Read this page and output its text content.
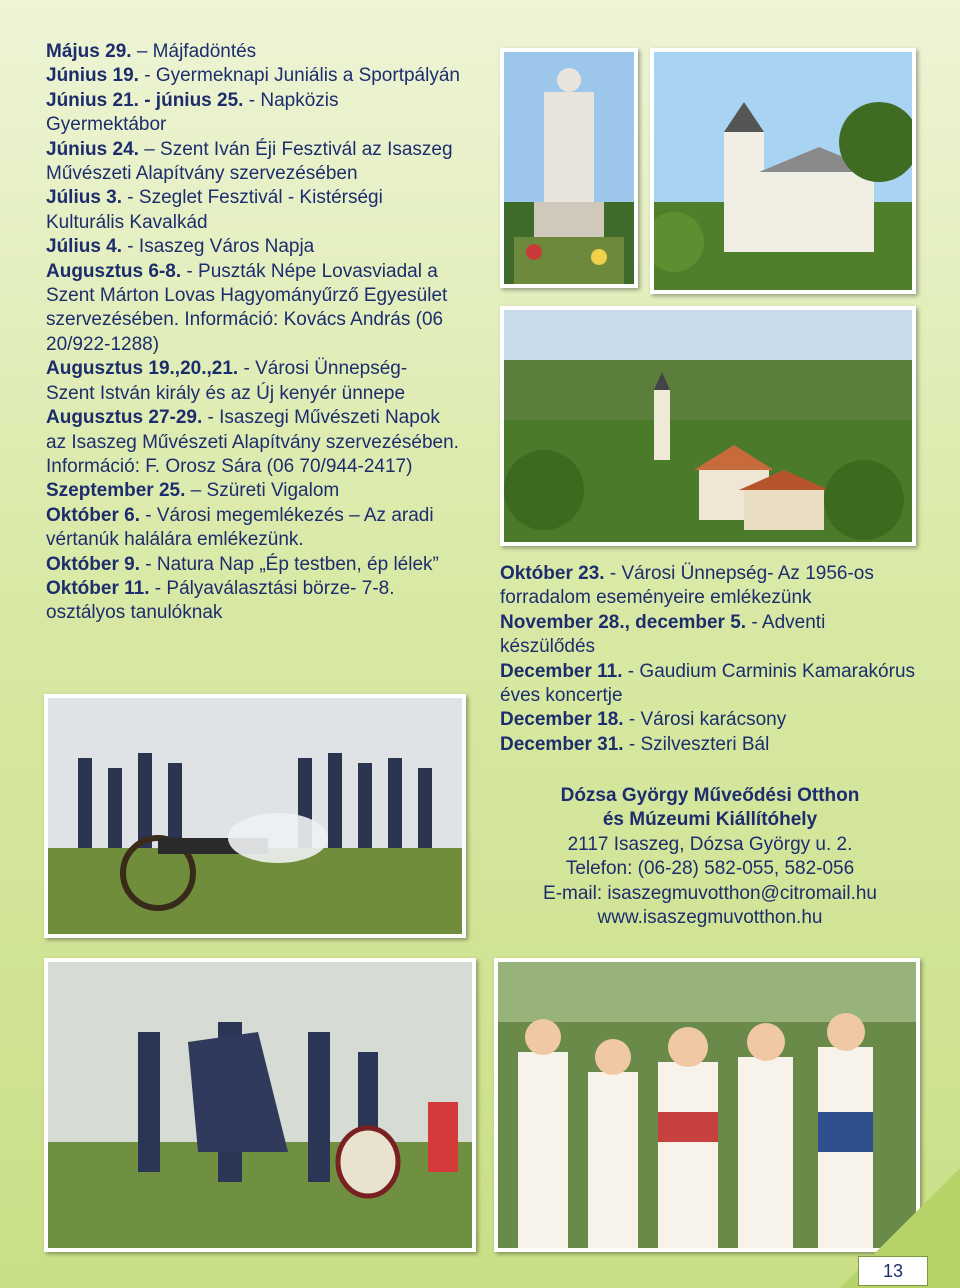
Május 29. – Májfadöntés

Június 19. - Gyermeknapi Juniális a Sportpályán

Június 21. - június 25. - Napközis Gyermektábor

Június 24. – Szent Iván Éji Fesztivál az Isaszeg Művészeti Alapítvány szervezésében

Július 3. - Szeglet Fesztivál - Kistérségi Kulturális Kavalkád

Július 4. - Isaszeg Város Napja

Augusztus 6-8. - Puszták Népe Lovasviadal a Szent Márton Lovas Hagyományűrző Egyesület szervezésében. Információ: Kovács András (06 20/922-1288)

Augusztus 19.,20.,21. - Városi Ünnepség- Szent István király és az Új kenyér ünnepe

Augusztus 27-29. - Isaszegi Művészeti Napok az Isaszeg Művészeti Alapítvány szervezésében. Információ: F. Orosz Sára (06 70/944-2417)

Szeptember 25. – Szüreti Vigalom

Október 6. - Városi megemlékezés – Az aradi vértanúk halálára emlékezünk.

Október 9. - Natura Nap „Ép testben, ép lélek”

Október 11. - Pályaválasztási börze- 7-8. osztályos tanulóknak

Október 23. - Városi Ünnepség- Az 1956-os forradalom eseményeire emlékezünk

November 28., december 5. - Adventi készülődés

December 11. - Gaudium Carminis Kamarakórus éves koncertje

December 18. - Városi karácsony

December 31. - Szilveszteri Bál

Dózsa György Műveődési Otthon
és Múzeumi Kiállítóhely
2117 Isaszeg, Dózsa György u. 2.
Telefon: (06-28) 582-055, 582-056
E-mail: isaszegmuvotthon@citromail.hu
www.isaszegmuvotthon.hu
13
